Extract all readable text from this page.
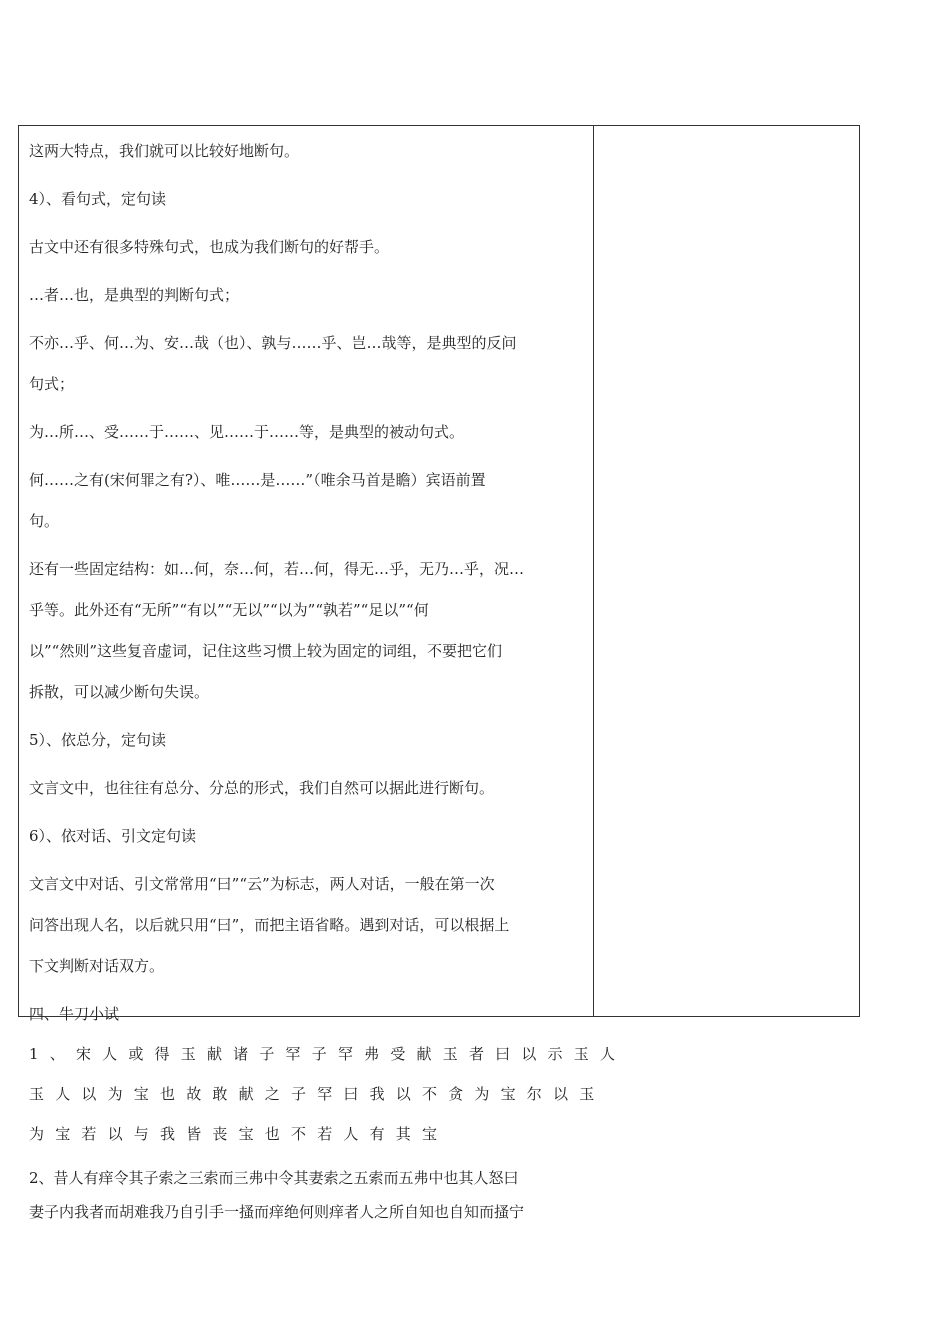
这两大特点，我们就可以比较好地断句。

4）、看句式，定句读

古文中还有很多特殊句式，也成为我们断句的好帮手。

…者…也，是典型的判断句式；

不亦…乎、何…为、安…哉（也）、孰与……乎、岂…哉等，是典型的反问

句式；

为…所…、受……于……、见……于……等，是典型的被动句式。

何……之有(宋何罪之有?）、唯……是……”（唯余马首是瞻）宾语前置

句。

还有一些固定结构：如…何，奈…何，若…何，得无…乎，无乃…乎，况…

乎等。此外还有“无所”“有以”“无以”“以为”“孰若”“足以”“何

以”“然则”这些复音虚词，记住这些习惯上较为固定的词组，不要把它们

拆散，可以减少断句失误。

5）、依总分，定句读

文言文中，也往往有总分、分总的形式，我们自然可以据此进行断句。

6）、依对话、引文定句读

文言文中对话、引文常常用“曰”“云”为标志，两人对话，一般在第一次

问答出现人名，以后就只用“曰”，而把主语省略。遇到对话，可以根据上

下文判断对话双方。

四、牛刀小试

1、宋人或得玉献诸子罕子罕弗受献玉者曰以示玉人

玉人以为宝也故敢献之子罕曰我以不贪为宝尔以玉

为宝若以与我皆丧宝也不若人有其宝

2、昔人有痒令其子索之三索而三弗中令其妻索之五索而五弗中也其人怒曰

妻子内我者而胡难我乃自引手一搔而痒绝何则痒者人之所自知也自知而搔宁
